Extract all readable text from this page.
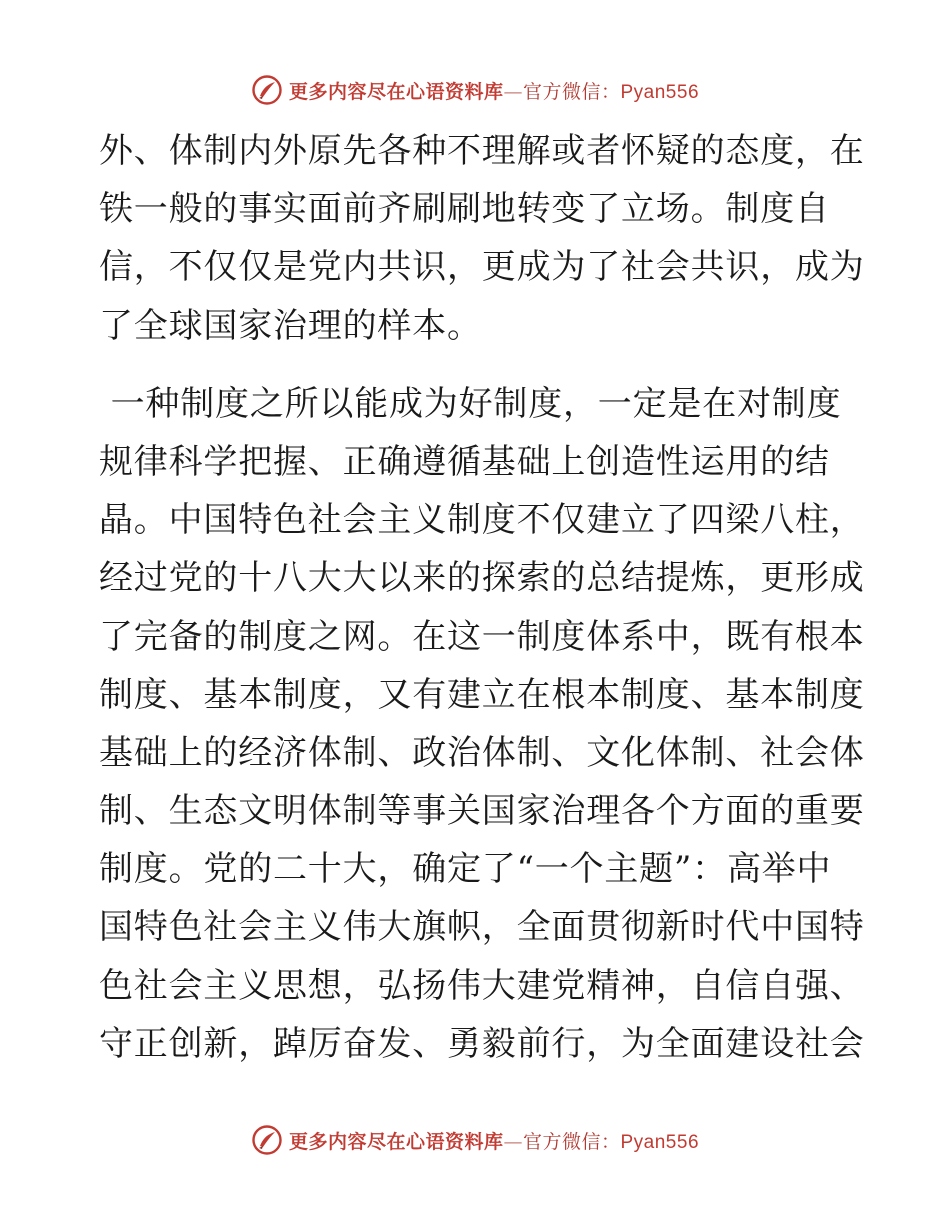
更多内容尽在心语资料库—官方微信：Pyan556
外、体制内外原先各种不理解或者怀疑的态度，在
铁一般的事实面前齐刷刷地转变了立场。制度自
信，不仅仅是党内共识，更成为了社会共识，成为
了全球国家治理的样本。
一种制度之所以能成为好制度，一定是在对制度
规律科学把握、正确遵循基础上创造性运用的结
晶。中国特色社会主义制度不仅建立了四梁八柱，
经过党的十八大大以来的探索的总结提炼，更形成
了完备的制度之网。在这一制度体系中，既有根本
制度、基本制度，又有建立在根本制度、基本制度
基础上的经济体制、政治体制、文化体制、社会体
制、生态文明体制等事关国家治理各个方面的重要
制度。党的二十大，确定了“一个主题”：高举中
国特色社会主义伟大旗帜，全面贯彻新时代中国特
色社会主义思想，弘扬伟大建党精神，自信自强、
守正创新，踔厉奋发、勇毅前行，为全面建设社会
更多内容尽在心语资料库—官方微信：Pyan556
